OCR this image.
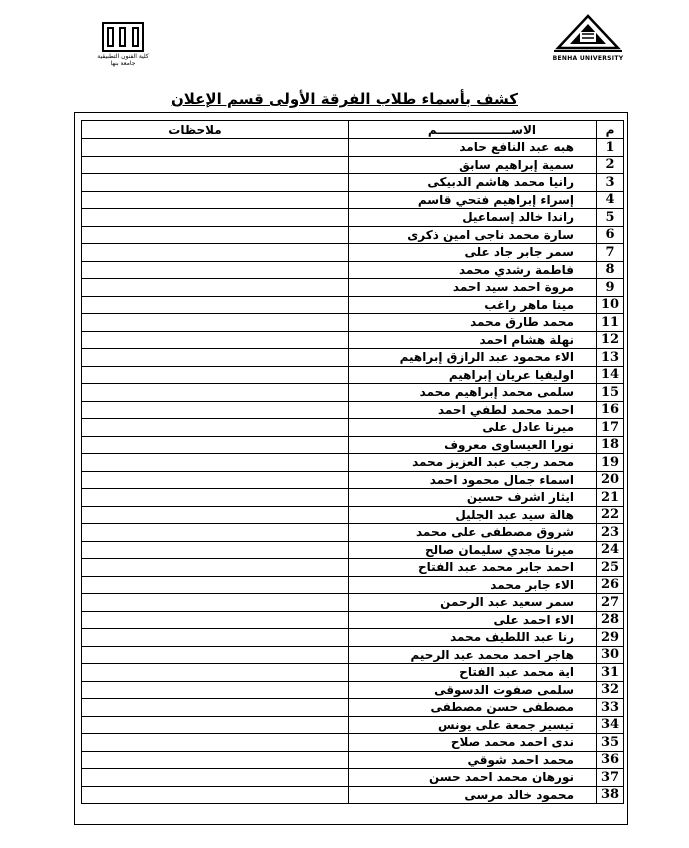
كلية الفنون التطبيقية جامعة بنها
BENHA UNIVERSITY
كشف بأسماء طلاب الفرقة الأولى قسم الإعلان
م	الاســــــــــــــــــم	ملاحظات
1	هبه عبد النافع حامد	
2	سمية إبراهيم سابق	
3	رانيا محمد هاشم الدبيكى	
4	إسراء إبراهيم فتحي قاسم	
5	راندا خالد إسماعيل	
6	سارة محمد ناجى امين ذكرى	
7	سمر جابر جاد على	
8	فاطمة رشدي محمد	
9	مروة احمد سيد احمد	
10	مينا ماهر راغب	
11	محمد طارق محمد	
12	نهلة هشام احمد	
13	الاء محمود عبد الرازق إبراهيم	
14	اوليفيا عريان إبراهيم	
15	سلمى محمد إبراهيم محمد	
16	احمد محمد لطفي احمد	
17	ميرنا عادل على	
18	نورا العيساوى معروف	
19	محمد رجب عبد العزيز محمد	
20	اسماء جمال محمود احمد	
21	ايثار اشرف حسين	
22	هالة سيد عبد الجليل	
23	شروق مصطفى على محمد	
24	ميرنا مجدي سليمان صالح	
25	احمد جابر محمد عبد الفتاح	
26	الاء جابر محمد	
27	سمر سعيد عبد الرحمن	
28	الاء احمد على	
29	رنا عبد اللطيف محمد	
30	هاجر احمد محمد عبد الرحيم	
31	اية محمد عبد الفتاح	
32	سلمى صفوت الدسوقى	
33	مصطفى حسن مصطفى	
34	تيسير جمعة على يونس	
35	ندى احمد محمد صلاح	
36	محمد احمد شوقي	
37	نورهان محمد احمد حسن	
38	محمود خالد مرسى	
